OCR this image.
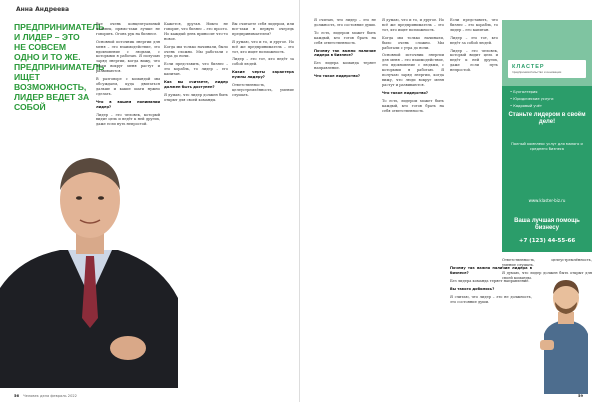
Анна Андреева
ПРЕДПРИНИМАТЕЛЬ И ЛИДЕР – ЭТО НЕ СОВСЕМ ОДНО И ТО ЖЕ. ПРЕДПРИНИМАТЕЛЬ ИЩЕТ ВОЗМОЖНОСТЬ, ЛИДЕР ВЕДЕТ ЗА СОБОЙ

Все очень концептуальный человек, прямо-таки лучше не говорить. Огонь рук на бизнесе.

Основной источник энергии для меня – это взаимодействие, это вдохновение с людьми, с которыми я работаю. Я получаю заряд энергии, когда вижу, что люди вокруг меня растут и развиваются.

В разговоре с командой мы обсуждаем, куда двигаться дальше и какие шаги нужно сделать.

Что в вашем понимании лидер?

Лидер – это человек, который видит цель и ведёт к ней других, даже если путь непростой.

Кажется, друзья. Никто не говорит, что бизнес – это просто. Но каждый день приносит что-то новое.

Когда мы только начинали, было очень сложно. Мы работали с утра до ночи.

Если представить, что бизнес – это корабль, то лидер – его капитан.

Как вы считаете, лидер должен быть доступен?

Я думаю, что лидер должен быть открыт для своей команды.

Вы считаете себя лидером, или все-таки в первую очередь предпринимателем?

Я думаю, что и то, и другое. Но всё же предприниматель – это тот, кто ищет возможность.

Лидер – это тот, кто ведёт за собой людей.

Какие черты характера нужны лидеру?

Ответственность, целеустремлённость, умение слушать.

56 Человек дела февраль 2022

Я считаю, что лидер – это не должность, это состояние души.

То есть, лидером может быть каждый, кто готов брать на себя ответственность.

Почему так важно наличие лидера в бизнесе?

Без лидера команда теряет направление.

Что такое лидерство?

Я думаю, что и то, и другое. Но всё же предприниматель – это тот, кто ищет возможность.

Когда мы только начинали, было очень сложно. Мы работали с утра до ночи.

Основной источник энергии для меня – это взаимодействие, это вдохновение с людьми, с которыми я работаю. Я получаю заряд энергии, когда вижу, что люди вокруг меня растут и развиваются.

Что такое лидерство?

То есть, лидером может быть каждый, кто готов брать на себя ответственность.

Если представить, что бизнес – это корабль, то лидер – его капитан.

Лидер – это тот, кто ведёт за собой людей.

Лидер – это человек, который видит цель и ведёт к ней других, даже если путь непростой.

КЛАСТЕР
предпринимательство и инновации
• Бухгалтерия
• Юридические услуги
• Кадровый учёт
Станьте лидером в своём деле!
Полный комплекс услуг для малого и среднего бизнеса
www.klaster-biz.ru
Ваша лучшая помощь бизнесу
+7 (123) 44-55-66

Ответственность, целеустремлённость, умение слушать.

Я думаю, что лидер должен быть открыт для своей команды.

Почему так важно наличие лидера в бизнесе?

Без лидера команда теряет направление.

Вы такого добились?

Я считаю, что лидер – это не должность, это состояние души.

59
